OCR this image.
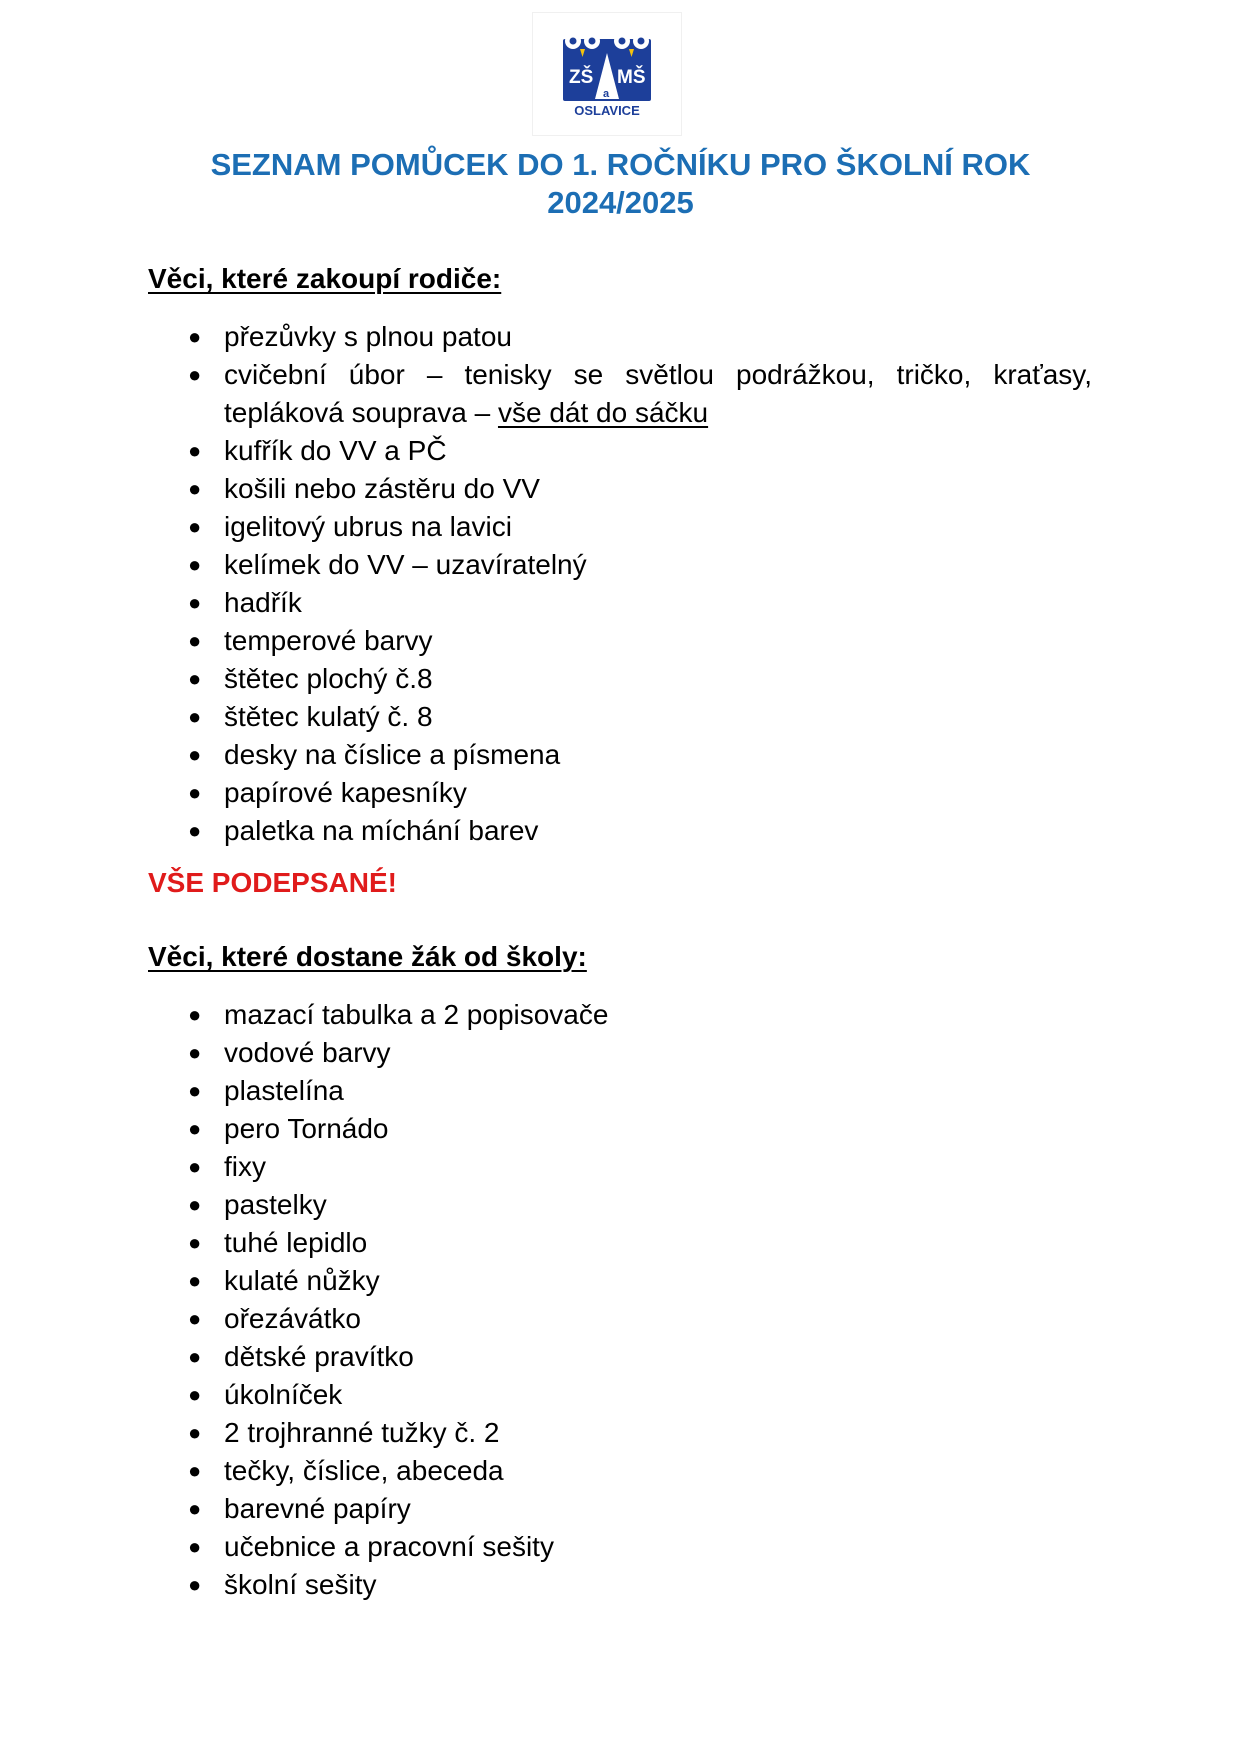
ZŠ MŠ
a
OSLAVICE
SEZNAM POMŮCEK DO 1. ROČNÍKU PRO ŠKOLNÍ ROK
2024/2025
Věci, které zakoupí rodiče:
● přezůvky s plnou patou
● cvičební úbor – tenisky se světlou podrážkou, tričko, kraťasy,
tepláková souprava – vše dát do sáčku
● kufřík do VV a PČ
● košili nebo zástěru do VV
● igelitový ubrus na lavici
● kelímek do VV – uzavíratelný
● hadřík
● temperové barvy
● štětec plochý č.8
● štětec kulatý č. 8
● desky na číslice a písmena
● papírové kapesníky
● paletka na míchání barev
VŠE PODEPSANÉ!
Věci, které dostane žák od školy:
● mazací tabulka a 2 popisovače
● vodové barvy
● plastelína
● pero Tornádo
● fixy
● pastelky
● tuhé lepidlo
● kulaté nůžky
● ořezávátko
● dětské pravítko
● úkolníček
● 2 trojhranné tužky č. 2
● tečky, číslice, abeceda
● barevné papíry
● učebnice a pracovní sešity
● školní sešity
